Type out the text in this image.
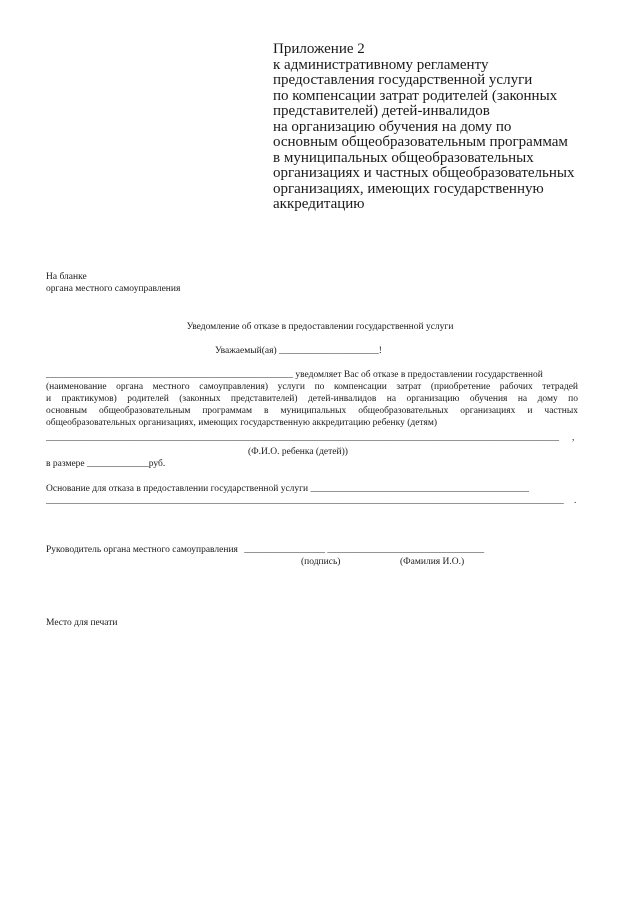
Приложение 2
к административному регламенту
предоставления государственной услуги
по компенсации затрат родителей (законных
представителей) детей-инвалидов
на организацию обучения на дому по
основным общеобразовательным программам
в муниципальных общеобразовательных
организациях и частных общеобразовательных
организациях, имеющих государственную
аккредитацию
На бланке
органа местного самоуправления
Уведомление об отказе в предоставлении государственной услуги
Уважаемый(ая) _____________________!
____________________________________________________ уведомляет Вас об отказе в предоставлении государственной
(наименование органа местного самоуправления) услуги по компенсации затрат (приобретение рабочих тетрадей
и практикумов) родителей (законных представителей) детей-инвалидов на организацию обучения на дому по
основным общеобразовательным программам в муниципальных общеобразовательных организациях и частных
общеобразовательных организациях, имеющих государственную аккредитацию ребенку (детям)
____________________________________________________________________________________________________________ ,
(Ф.И.О. ребенка (детей))
в размере _____________руб.
Основание для отказа в предоставлении государственной услуги ______________________________________________
_____________________________________________________________________________________________________________ .
Руководитель органа местного самоуправления _________________ _________________________________
(подпись)	(Фамилия И.О.)
Место для печати
